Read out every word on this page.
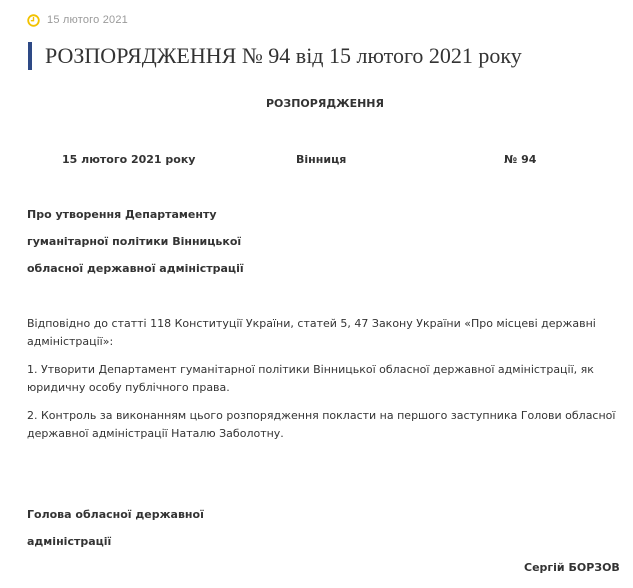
15 лютого 2021
РОЗПОРЯДЖЕННЯ № 94 від 15 лютого 2021 року
РОЗПОРЯДЖЕННЯ
15 лютого 2021 року	Вінниця	№ 94
Про утворення Департаменту
гуманітарної політики Вінницької
обласної державної адміністрації
Відповідно до статті 118 Конституції України, статей 5, 47 Закону України «Про місцеві державні адміністрації»:
1. Утворити Департамент гуманітарної політики Вінницької обласної державної адміністрації, як юридичну особу публічного права.
2. Контроль за виконанням цього розпорядження покласти на першого заступника Голови обласної державної адміністрації Наталю Заболотну.
Голова обласної державної
адміністрації
Сергій БОРЗОВ
